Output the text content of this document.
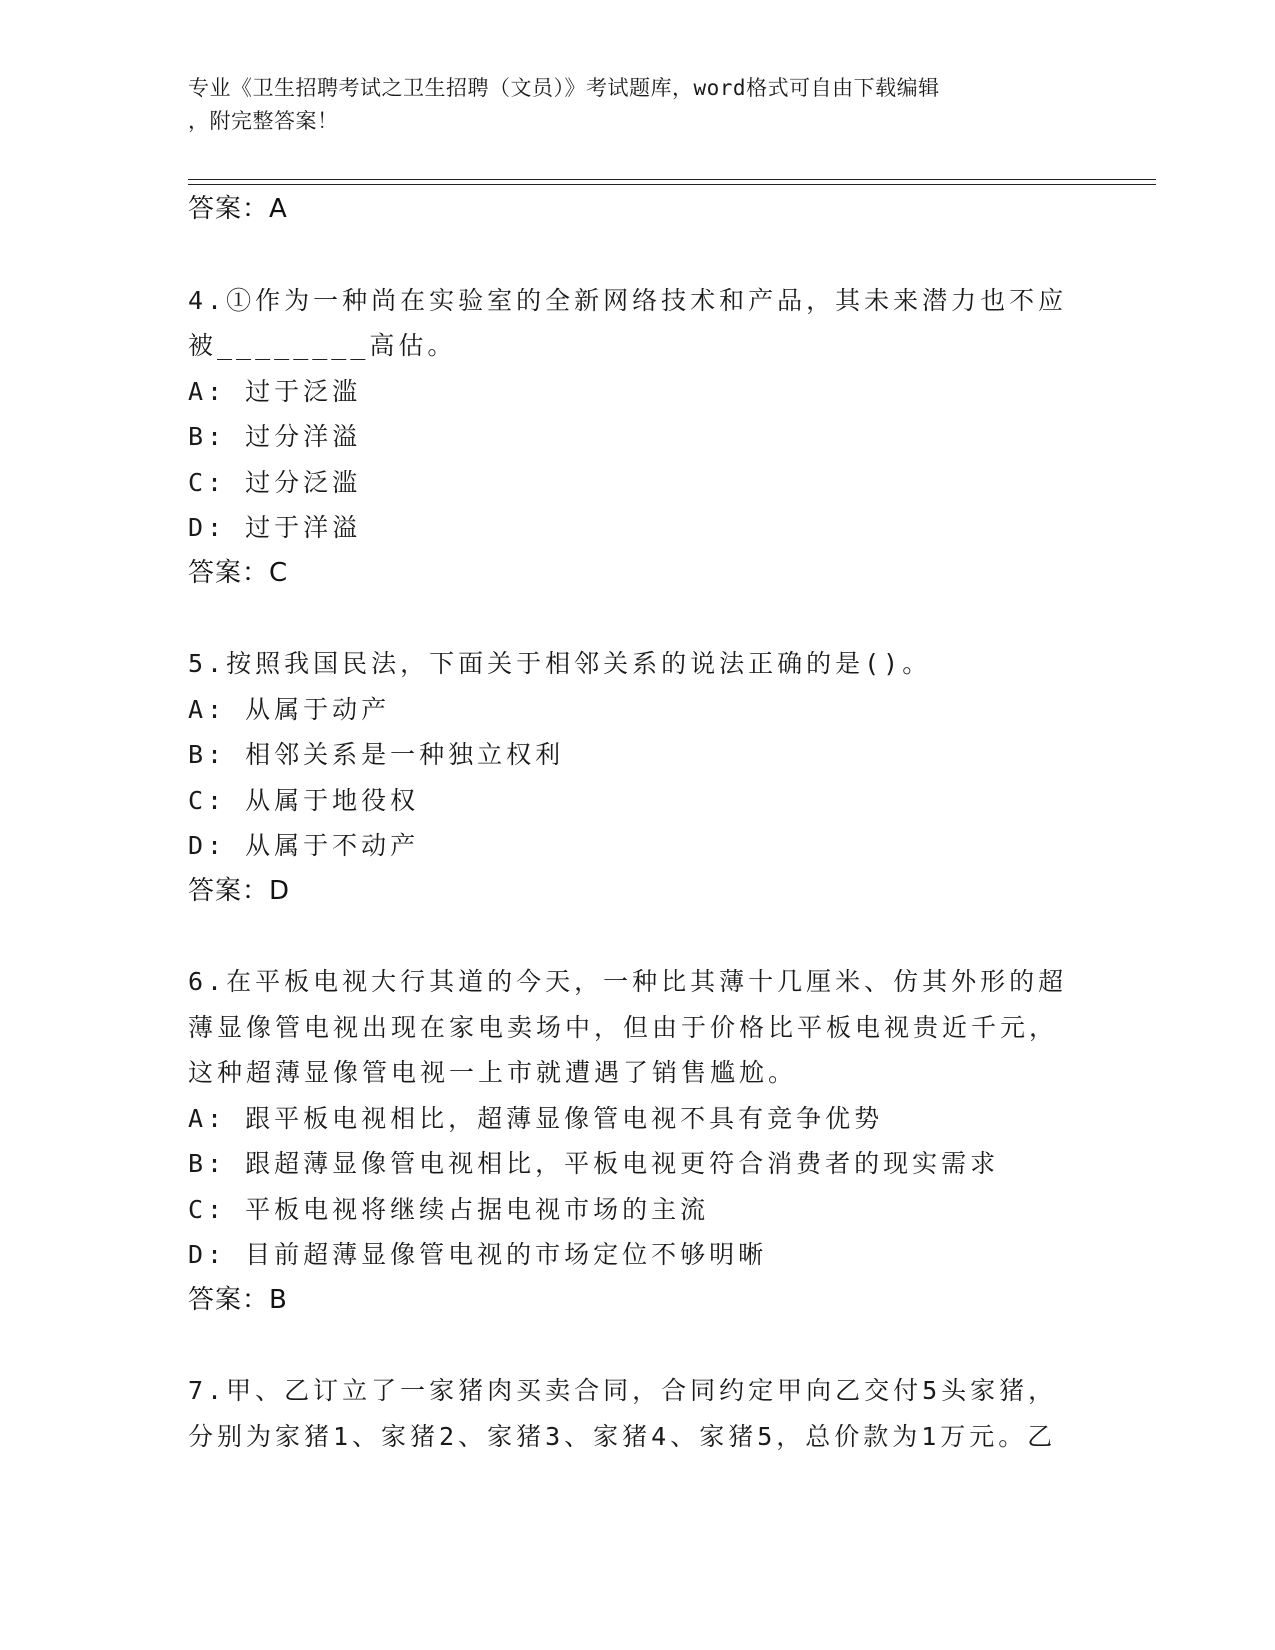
专业《卫生招聘考试之卫生招聘（文员）》考试题库，word格式可自由下载编辑
，附完整答案！
答案：A
4.①作为一种尚在实验室的全新网络技术和产品，其未来潜力也不应
被________高估。
A: 过于泛滥
B: 过分洋溢
C: 过分泛滥
D: 过于洋溢
答案：C
5.按照我国民法，下面关于相邻关系的说法正确的是()。
A: 从属于动产
B: 相邻关系是一种独立权利
C: 从属于地役权
D: 从属于不动产
答案：D
6.在平板电视大行其道的今天，一种比其薄十几厘米、仿其外形的超
薄显像管电视出现在家电卖场中，但由于价格比平板电视贵近千元，
这种超薄显像管电视一上市就遭遇了销售尴尬。
A: 跟平板电视相比，超薄显像管电视不具有竞争优势
B: 跟超薄显像管电视相比，平板电视更符合消费者的现实需求
C: 平板电视将继续占据电视市场的主流
D: 目前超薄显像管电视的市场定位不够明晰
答案：B
7.甲、乙订立了一家猪肉买卖合同，合同约定甲向乙交付5头家猪，
分别为家猪1、家猪2、家猪3、家猪4、家猪5，总价款为1万元。乙
